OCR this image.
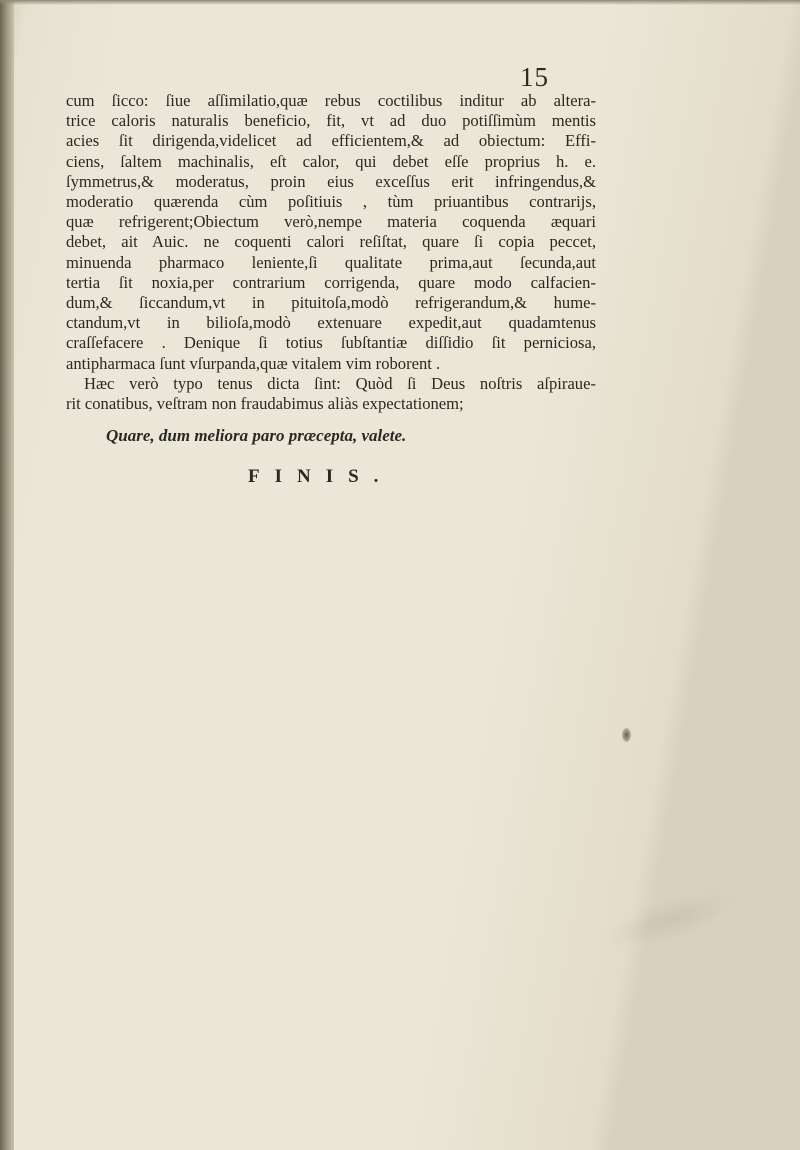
15
cum ſicco: ſiue aſſimilatio,quæ rebus coctilibus inditur ab altera-
trice caloris naturalis beneficio, fit, vt ad duo potiſſimùm mentis
acies ſit dirigenda,videlicet ad efficientem,& ad obiectum: Effi-
ciens, ſaltem machinalis, eſt calor, qui debet eſſe proprius h. e.
ſymmetrus,& moderatus, proin eius exceſſus erit infringendus,&
moderatio quærenda cùm poſitiuis , tùm priuantibus contrarijs,
quæ refrigerent;Obiectum verò,nempe materia coquenda æquari
debet, ait Auic. ne coquenti calori reſiſtat, quare ſi copia peccet,
minuenda pharmaco leniente,ſi qualitate prima,aut ſecunda,aut
tertia ſit noxia,per contrarium corrigenda, quare modo calfacien-
dum,& ſiccandum,vt in pituitoſa,modò refrigerandum,& hume-
ctandum,vt in bilioſa,modò extenuare expedit,aut quadamtenus
craſſefacere . Denique ſi totius ſubſtantiæ diſſidio ſit perniciosa,
antipharmaca ſunt vſurpanda,quæ vitalem vim roborent .
Hæc verò typo tenus dicta ſint: Quòd ſi Deus noſtris aſpiraue-
rit conatibus, veſtram non fraudabimus aliàs expectationem;
Quare, dum meliora paro præcepta, valete.
FINIS.
